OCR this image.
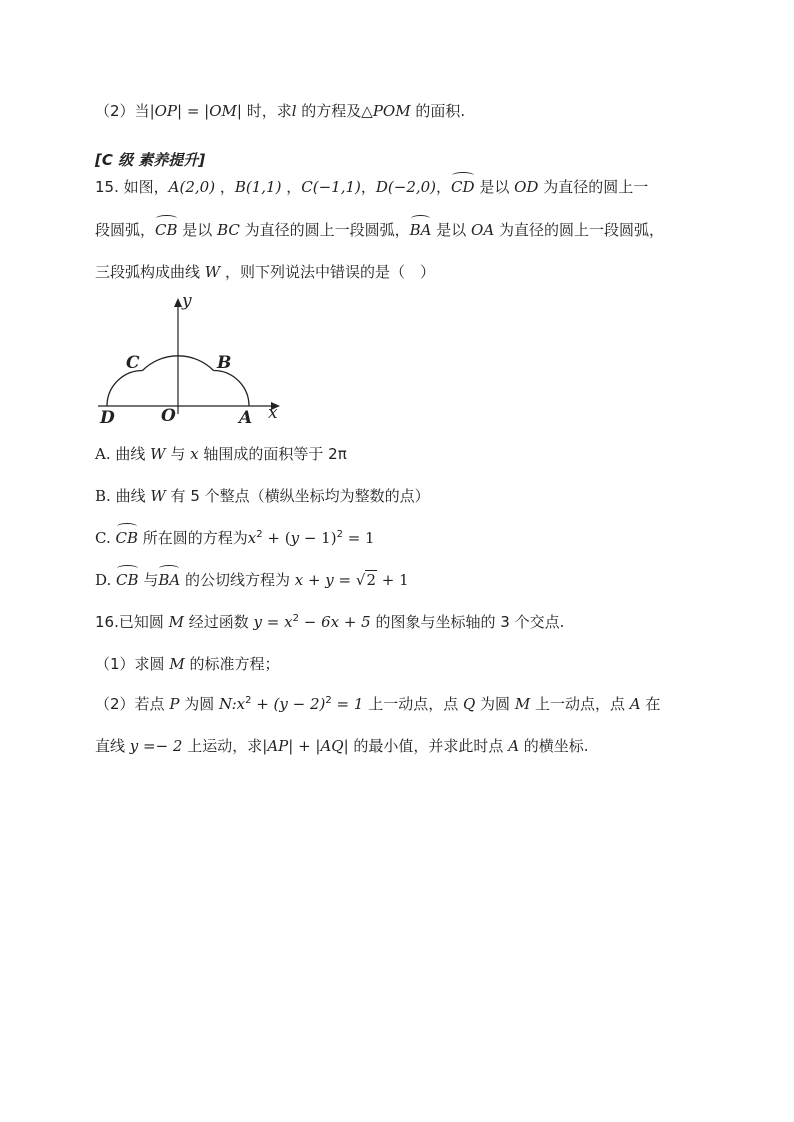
（2）当|OP| = |OM| 时，求l 的方程及△POM 的面积.
[C 级 素养提升]
15. 如图，A(2,0) ，B(1,1) ，C(−1,1)，D(−2,0)，CD 是以 OD 为直径的圆上一
段圆弧，CB 是以 BC 为直径的圆上一段圆弧，BA 是以 OA 为直径的圆上一段圆弧，
三段弧构成曲线 W ，则下列说法中错误的是（　）
y
x
C	B
D	O	A
A. 曲线 W 与 x 轴围成的面积等于 2π
B. 曲线 W 有 5 个整点（横纵坐标均为整数的点）
C. CB 所在圆的方程为$x^2 + (y - 1)^2 = 1$
D. CB 与BA 的公切线方程为 x + y = √2 + 1
16.已知圆 M 经过函数 $y = x^2 - 6x + 5$ 的图象与坐标轴的 3 个交点.
（1）求圆 M 的标准方程；
（2）若点 P 为圆 $N:x^2 + (y - 2)^2 = 1$ 上一动点，点 Q 为圆 M 上一动点，点 A 在
直线 y =− 2 上运动，求|AP| + |AQ| 的最小值，并求此时点 A 的横坐标.
